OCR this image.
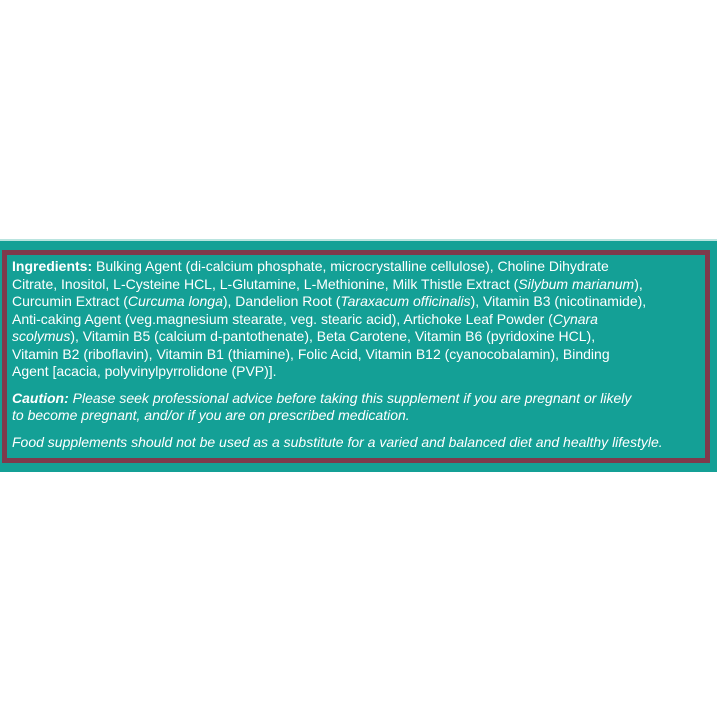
Ingredients: Bulking Agent (di-calcium phosphate, microcrystalline cellulose), Choline Dihydrate
Citrate, Inositol, L-Cysteine HCL, L-Glutamine, L-Methionine, Milk Thistle Extract (Silybum marianum),
Curcumin Extract (Curcuma longa), Dandelion Root (Taraxacum officinalis), Vitamin B3 (nicotinamide),
Anti-caking Agent (veg.magnesium stearate, veg. stearic acid), Artichoke Leaf Powder (Cynara
scolymus), Vitamin B5 (calcium d-pantothenate), Beta Carotene, Vitamin B6 (pyridoxine HCL),
Vitamin B2 (riboflavin), Vitamin B1 (thiamine), Folic Acid, Vitamin B12 (cyanocobalamin), Binding
Agent [acacia, polyvinylpyrrolidone (PVP)].

Caution: Please seek professional advice before taking this supplement if you are pregnant or likely
to become pregnant, and/or if you are on prescribed medication.

Food supplements should not be used as a substitute for a varied and balanced diet and healthy lifestyle.
